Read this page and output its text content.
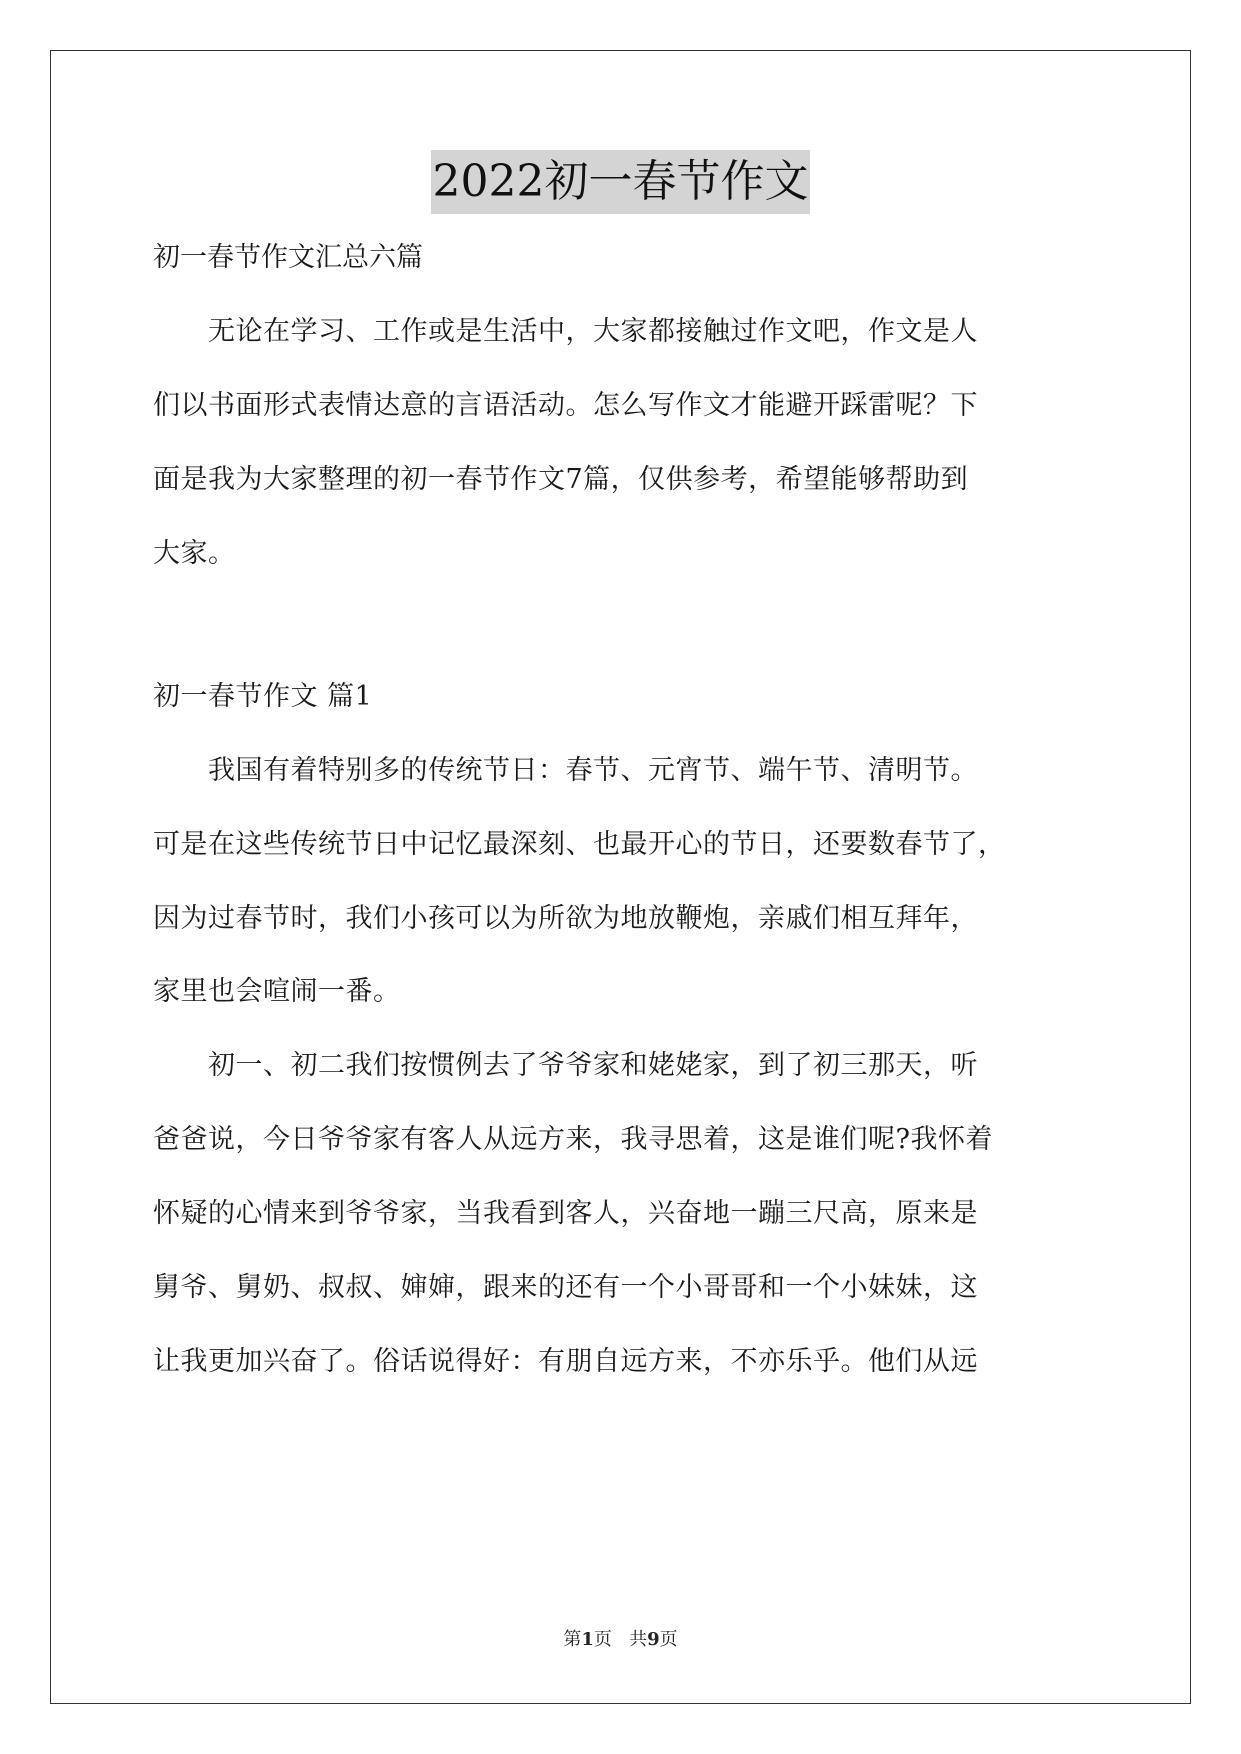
2022初一春节作文
初一春节作文汇总六篇
　　无论在学习、工作或是生活中，大家都接触过作文吧，作文是人
们以书面形式表情达意的言语活动。怎么写作文才能避开踩雷呢？下
面是我为大家整理的初一春节作文7篇，仅供参考，希望能够帮助到
大家。
初一春节作文 篇1
　　我国有着特别多的传统节日：春节、元宵节、端午节、清明节。
可是在这些传统节日中记忆最深刻、也最开心的节日，还要数春节了，
因为过春节时，我们小孩可以为所欲为地放鞭炮，亲戚们相互拜年，
家里也会喧闹一番。
　　初一、初二我们按惯例去了爷爷家和姥姥家，到了初三那天，听
爸爸说，今日爷爷家有客人从远方来，我寻思着，这是谁们呢?我怀着
怀疑的心情来到爷爷家，当我看到客人，兴奋地一蹦三尺高，原来是
舅爷、舅奶、叔叔、婶婶，跟来的还有一个小哥哥和一个小妹妹，这
让我更加兴奋了。俗话说得好：有朋自远方来，不亦乐乎。他们从远
第1页 共9页
